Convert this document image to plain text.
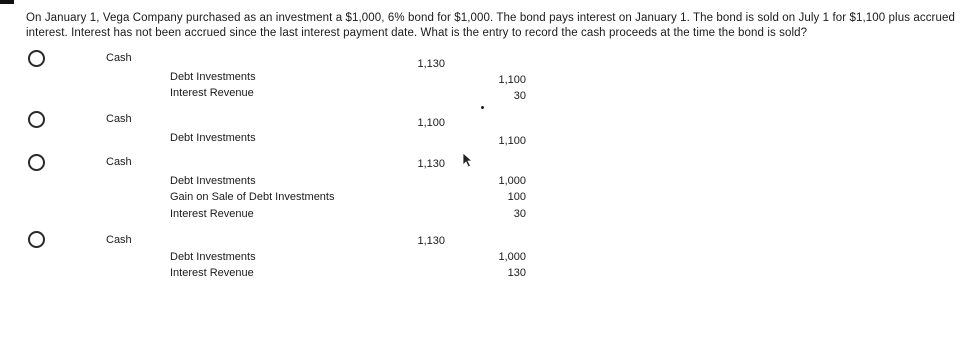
On January 1, Vega Company purchased as an investment a $1,000, 6% bond for $1,000. The bond pays interest on January 1. The bond is sold on July 1 for $1,100 plus accrued interest. Interest has not been accrued since the last interest payment date. What is the entry to record the cash proceeds at the time the bond is sold?
Cash	1,130
Debt Investments	1,100
Interest Revenue	30
Cash	1,100
Debt Investments	1,100
Cash	1,130
Debt Investments	1,000
Gain on Sale of Debt Investments	100
Interest Revenue	30
Cash	1,130
Debt Investments	1,000
Interest Revenue	130
